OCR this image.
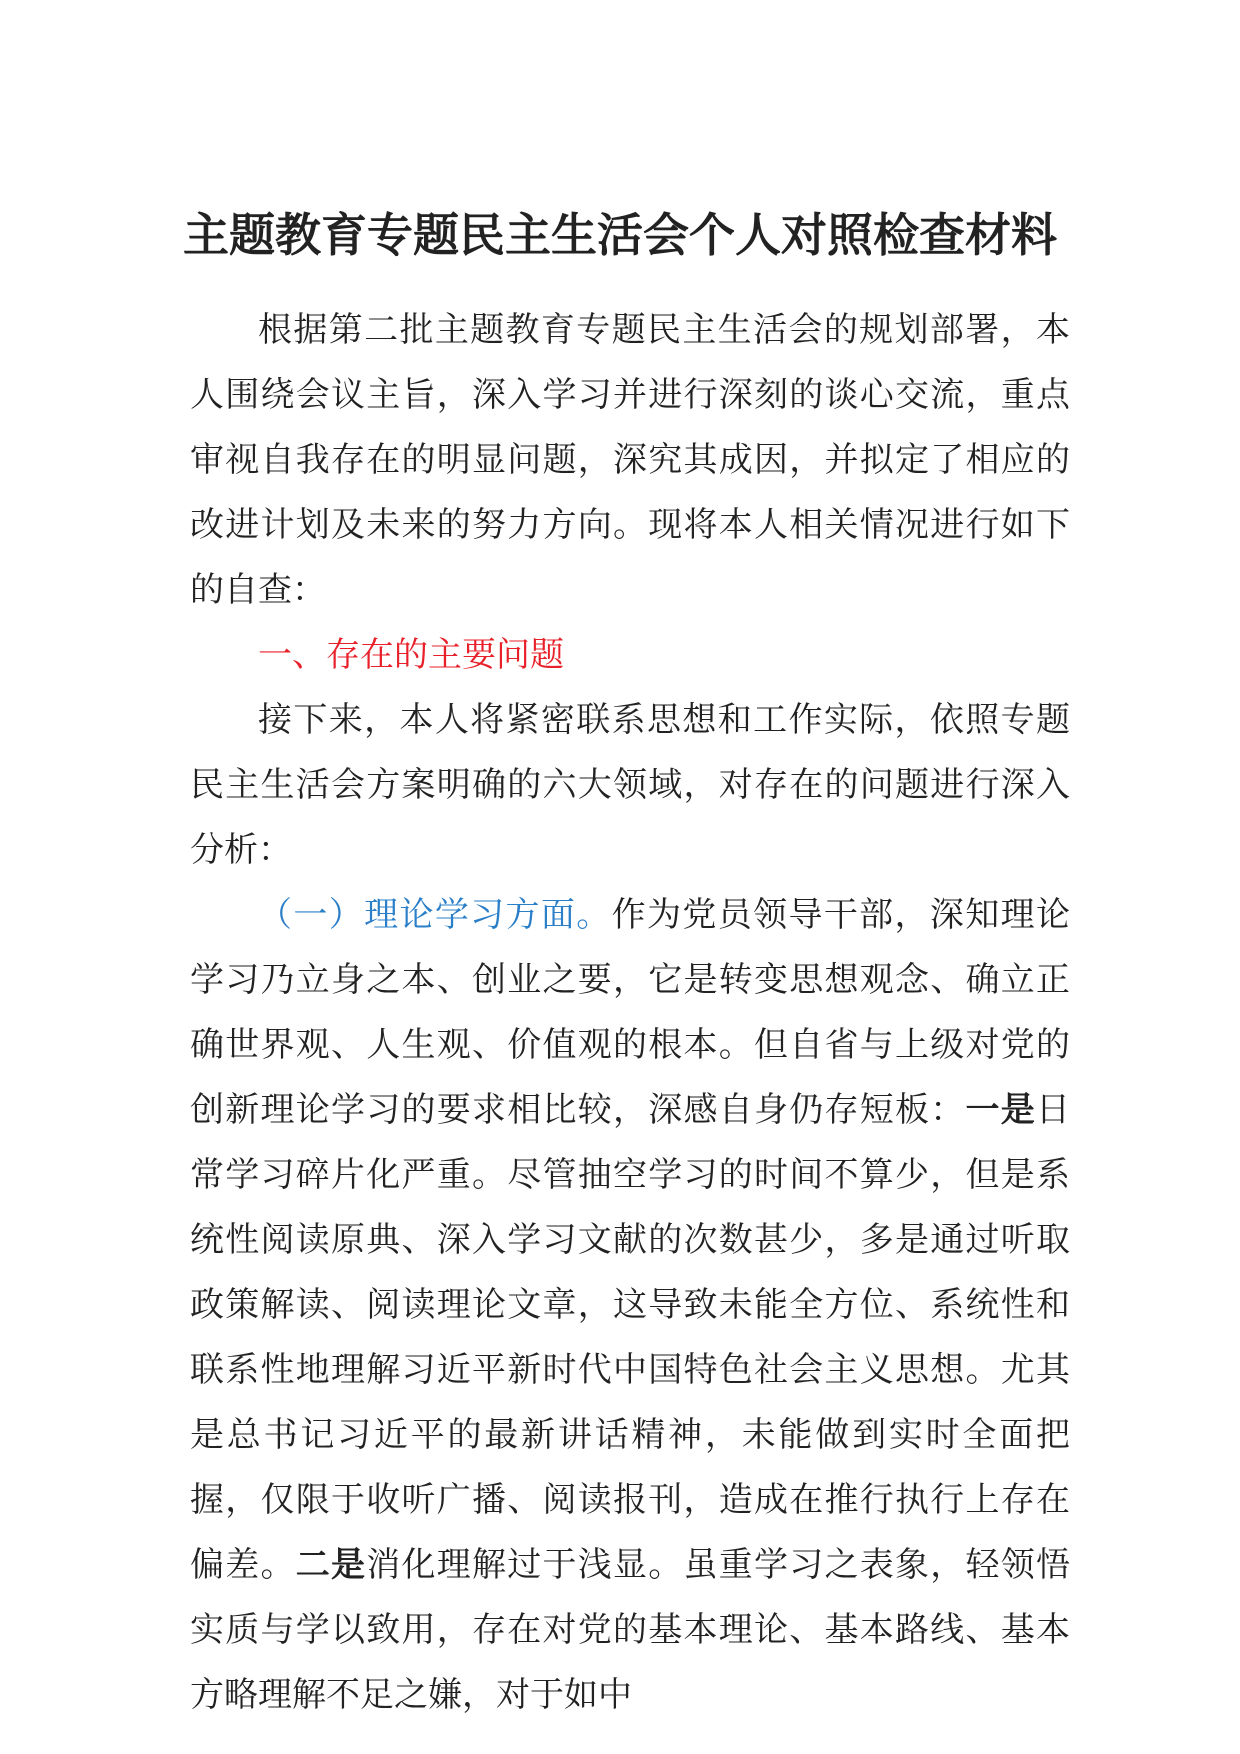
主题教育专题民主生活会个人对照检查材料

根据第二批主题教育专题民主生活会的规划部署，本人围绕会议主旨，深入学习并进行深刻的谈心交流，重点审视自我存在的明显问题，深究其成因，并拟定了相应的改进计划及未来的努力方向。现将本人相关情况进行如下的自查：

一、存在的主要问题

接下来，本人将紧密联系思想和工作实际，依照专题民主生活会方案明确的六大领域，对存在的问题进行深入分析：

（一）理论学习方面。作为党员领导干部，深知理论学习乃立身之本、创业之要，它是转变思想观念、确立正确世界观、人生观、价值观的根本。但自省与上级对党的创新理论学习的要求相比较，深感自身仍存短板：一是日常学习碎片化严重。尽管抽空学习的时间不算少，但是系统性阅读原典、深入学习文献的次数甚少，多是通过听取政策解读、阅读理论文章，这导致未能全方位、系统性和联系性地理解习近平新时代中国特色社会主义思想。尤其是总书记习近平的最新讲话精神，未能做到实时全面把握，仅限于收听广播、阅读报刊，造成在推行执行上存在偏差。二是消化理解过于浅显。虽重学习之表象，轻领悟实质与学以致用，存在对党的基本理论、基本路线、基本方略理解不足之嫌，对于如中
